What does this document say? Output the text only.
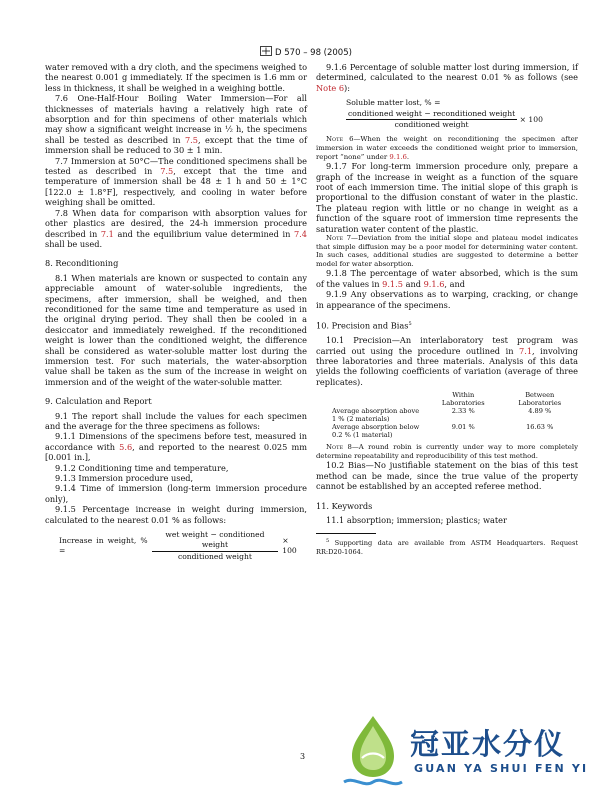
D 570 – 98 (2005)

water removed with a dry cloth, and the specimens weighed to the nearest 0.001 g immediately. If the specimen is 1.6 mm or less in thickness, it shall be weighed in a weighing bottle.

7.6 One-Half-Hour Boiling Water Immersion—For all thicknesses of materials having a relatively high rate of absorption and for thin specimens of other materials which may show a significant weight increase in ½ h, the specimens shall be tested as described in 7.5, except that the time of immersion shall be reduced to 30 ± 1 min.

7.7 Immersion at 50°C—The conditioned specimens shall be tested as described in 7.5, except that the time and temperature of immersion shall be 48 ± 1 h and 50 ± 1°C [122.0 ± 1.8°F], respectively, and cooling in water before weighing shall be omitted.

7.8 When data for comparison with absorption values for other plastics are desired, the 24-h immersion procedure described in 7.1 and the equilibrium value determined in 7.4 shall be used.

8. Reconditioning

8.1 When materials are known or suspected to contain any appreciable amount of water-soluble ingredients, the specimens, after immersion, shall be weighed, and then reconditioned for the same time and temperature as used in the original drying period. They shall then be cooled in a desiccator and immediately reweighed. If the reconditioned weight is lower than the conditioned weight, the difference shall be considered as water-soluble matter lost during the immersion test. For such materials, the water-absorption value shall be taken as the sum of the increase in weight on immersion and of the weight of the water-soluble matter.

9. Calculation and Report

9.1 The report shall include the values for each specimen and the average for the three specimens as follows:

9.1.1 Dimensions of the specimens before test, measured in accordance with 5.6, and reported to the nearest 0.025 mm [0.001 in.],

9.1.2 Conditioning time and temperature,

9.1.3 Immersion procedure used,

9.1.4 Time of immersion (long-term immersion procedure only),

9.1.5 Percentage increase in weight during immersion, calculated to the nearest 0.01 % as follows:

Increase in weight, % =	$\frac{\text{wet weight − conditioned weight}}{\text{conditioned weight}}$	× 100

9.1.6 Percentage of soluble matter lost during immersion, if determined, calculated to the nearest 0.01 % as follows (see Note 6):

Soluble matter lost, % =

$\frac{\text{conditioned weight − reconditioned weight}}{\text{conditioned weight}} \times 100$

Note 6—When the weight on reconditioning the specimen after immersion in water exceeds the conditioned weight prior to immersion, report “none” under 9.1.6.

9.1.7 For long-term immersion procedure only, prepare a graph of the increase in weight as a function of the square root of each immersion time. The initial slope of this graph is proportional to the diffusion constant of water in the plastic. The plateau region with little or no change in weight as a function of the square root of immersion time represents the saturation water content of the plastic.

Note 7—Deviation from the initial slope and plateau model indicates that simple diffusion may be a poor model for determining water content. In such cases, additional studies are suggested to determine a better model for water absorption.

9.1.8 The percentage of water absorbed, which is the sum of the values in 9.1.5 and 9.1.6, and

9.1.9 Any observations as to warping, cracking, or change in appearance of the specimens.

10. Precision and Bias$^5$

10.1 Precision—An interlaboratory test program was carried out using the procedure outlined in 7.1, involving three laboratories and three materials. Analysis of this data yields the following coefficients of variation (average of three replicates).

	Within
Laboratories	Between
Laboratories
Average absorption above 1 % (2 materials)	2.33 %	4.89 %
Average absorption below 0.2 % (1 material)	9.01 %	16.63 %

Note 8—A round robin is currently under way to more completely determine repeatability and reproducibility of this test method.

10.2 Bias—No justifiable statement on the bias of this test method can be made, since the true value of the property cannot be established by an accepted referee method.

11. Keywords

11.1 absorption; immersion; plastics; water

$^5$ Supporting data are available from ASTM Headquarters. Request RR:D20-1064.

3	冠亚水分仪
GUAN YA SHUI FEN YI
